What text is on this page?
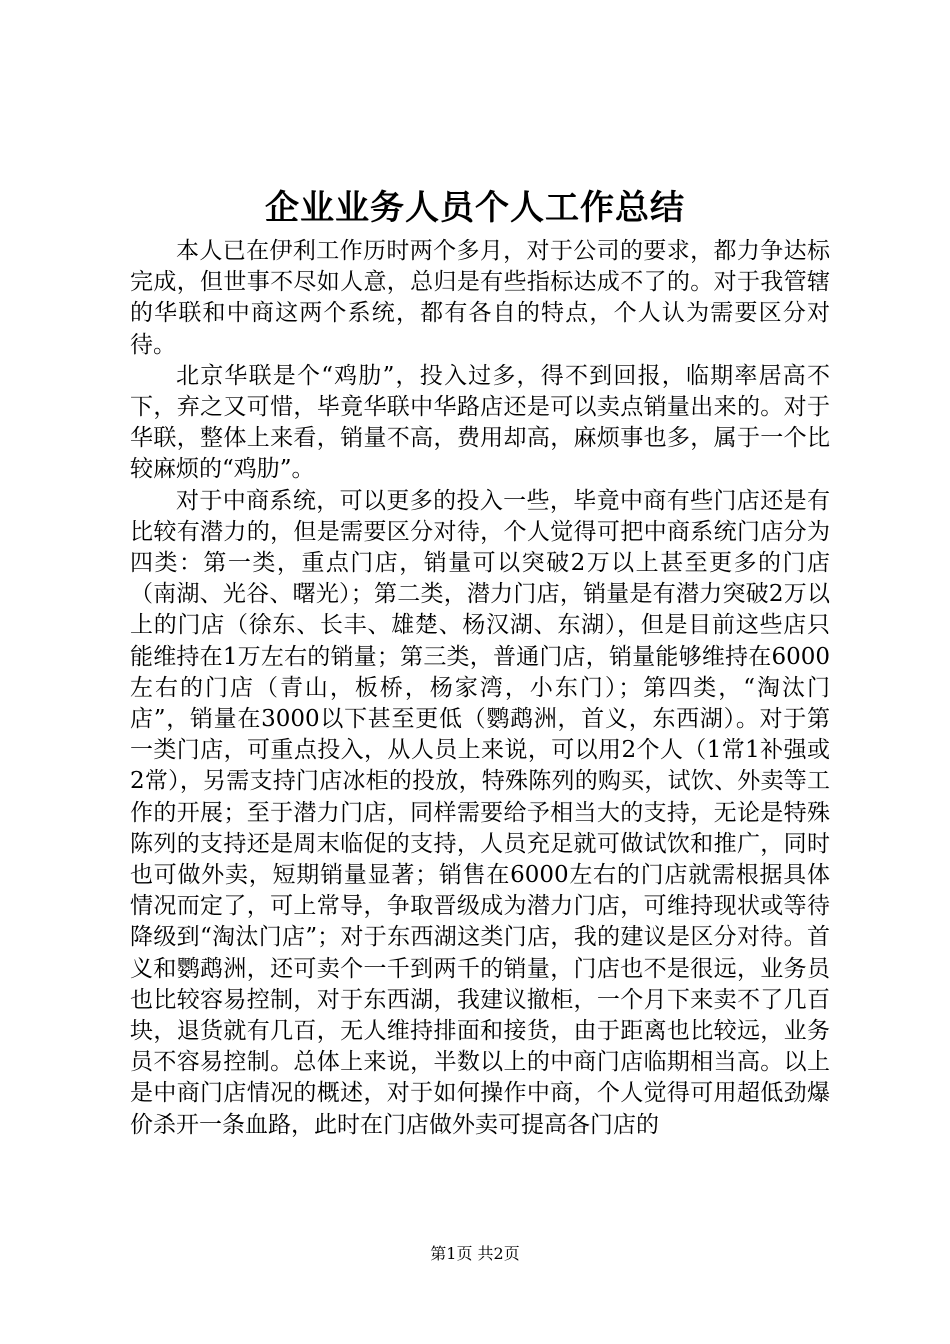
企业业务人员个人工作总结

本人已在伊利工作历时两个多月，对于公司的要求，都力争达标完成，但世事不尽如人意，总归是有些指标达成不了的。对于我管辖的华联和中商这两个系统，都有各自的特点，个人认为需要区分对待。

北京华联是个“鸡肋”，投入过多，得不到回报，临期率居高不下，弃之又可惜，毕竟华联中华路店还是可以卖点销量出来的。对于华联，整体上来看，销量不高，费用却高，麻烦事也多，属于一个比较麻烦的“鸡肋”。

对于中商系统，可以更多的投入一些，毕竟中商有些门店还是有比较有潜力的，但是需要区分对待，个人觉得可把中商系统门店分为四类：第一类，重点门店，销量可以突破2万以上甚至更多的门店（南湖、光谷、曙光）；第二类，潜力门店，销量是有潜力突破2万以上的门店（徐东、长丰、雄楚、杨汉湖、东湖），但是目前这些店只能维持在1万左右的销量；第三类，普通门店，销量能够维持在6000左右的门店（青山，板桥，杨家湾，小东门）；第四类，“淘汰门店”，销量在3000以下甚至更低（鹦鹉洲，首义，东西湖）。对于第一类门店，可重点投入，从人员上来说，可以用2个人（1常1补强或2常），另需支持门店冰柜的投放，特殊陈列的购买，试饮、外卖等工作的开展；至于潜力门店，同样需要给予相当大的支持，无论是特殊陈列的支持还是周末临促的支持，人员充足就可做试饮和推广，同时也可做外卖，短期销量显著；销售在6000左右的门店就需根据具体情况而定了，可上常导，争取晋级成为潜力门店，可维持现状或等待降级到“淘汰门店”；对于东西湖这类门店，我的建议是区分对待。首义和鹦鹉洲，还可卖个一千到两千的销量，门店也不是很远，业务员也比较容易控制，对于东西湖，我建议撤柜，一个月下来卖不了几百块，退货就有几百，无人维持排面和接货，由于距离也比较远，业务员不容易控制。总体上来说，半数以上的中商门店临期相当高。以上是中商门店情况的概述，对于如何操作中商，个人觉得可用超低劲爆价杀开一条血路，此时在门店做外卖可提高各门店的

第1页 共2页
